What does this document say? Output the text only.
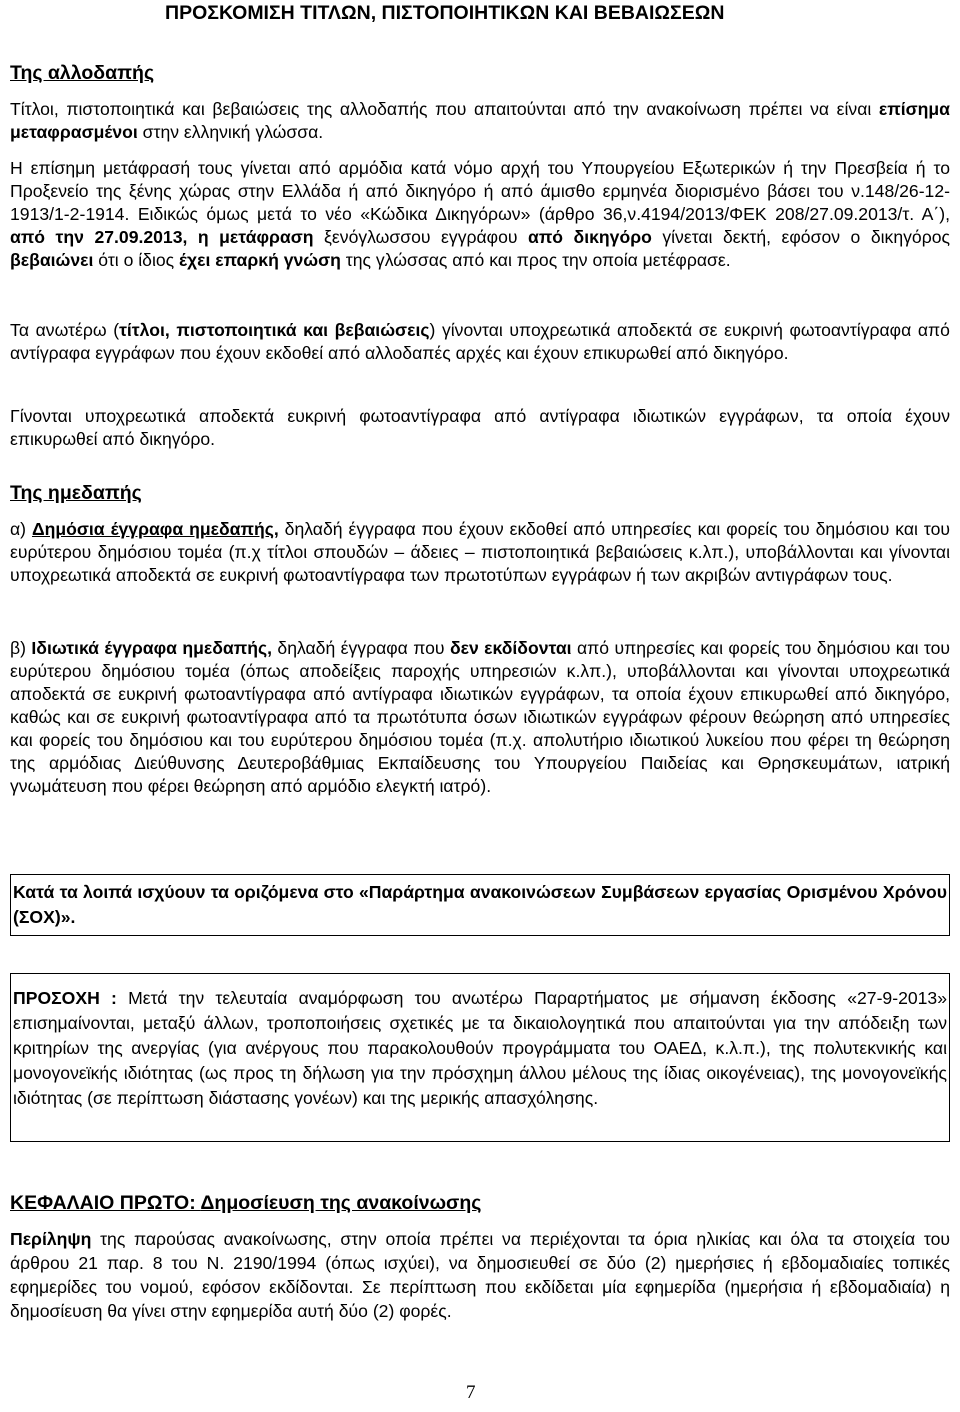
ΠΡΟΣΚΟΜΙΣΗ ΤΙΤΛΩΝ, ΠΙΣΤΟΠΟΙΗΤΙΚΩΝ ΚΑΙ ΒΕΒΑΙΩΣΕΩΝ
Της αλλοδαπής
Τίτλοι, πιστοποιητικά και βεβαιώσεις της αλλοδαπής που απαιτούνται από την ανακοίνωση πρέπει να είναι επίσημα μεταφρασμένοι στην ελληνική γλώσσα.
Η επίσημη μετάφρασή τους γίνεται από αρμόδια κατά νόμο αρχή του Υπουργείου Εξωτερικών ή την Πρεσβεία ή το Προξενείο της ξένης χώρας στην Ελλάδα ή από δικηγόρο ή από άμισθο ερμηνέα διορισμένο βάσει του ν.148/26-12-1913/1-2-1914. Ειδικώς όμως μετά το νέο «Κώδικα Δικηγόρων» (άρθρο 36,ν.4194/2013/ΦΕΚ 208/27.09.2013/τ. Α΄), από την 27.09.2013, η μετάφραση ξενόγλωσσου εγγράφου από δικηγόρο γίνεται δεκτή, εφόσον ο δικηγόρος βεβαιώνει ότι ο ίδιος έχει επαρκή γνώση της γλώσσας από και προς την οποία μετέφρασε.
Τα ανωτέρω (τίτλοι, πιστοποιητικά και βεβαιώσεις) γίνονται υποχρεωτικά αποδεκτά σε ευκρινή φωτοαντίγραφα από αντίγραφα εγγράφων που έχουν εκδοθεί από αλλοδαπές αρχές και έχουν επικυρωθεί από δικηγόρο.
Γίνονται υποχρεωτικά αποδεκτά ευκρινή φωτοαντίγραφα από αντίγραφα ιδιωτικών εγγράφων, τα οποία έχουν επικυρωθεί από δικηγόρο.
Της ημεδαπής
α) Δημόσια έγγραφα ημεδαπής, δηλαδή έγγραφα που έχουν εκδοθεί από υπηρεσίες και φορείς του δημόσιου και του ευρύτερου δημόσιου τομέα (π.χ τίτλοι σπουδών – άδειες – πιστοποιητικά βεβαιώσεις κ.λπ.), υποβάλλονται και γίνονται υποχρεωτικά αποδεκτά σε ευκρινή φωτοαντίγραφα των πρωτοτύπων εγγράφων ή των ακριβών αντιγράφων τους.
β) Ιδιωτικά έγγραφα ημεδαπής, δηλαδή έγγραφα που δεν εκδίδονται από υπηρεσίες και φορείς του δημόσιου και του ευρύτερου δημόσιου τομέα (όπως αποδείξεις παροχής υπηρεσιών κ.λπ.), υποβάλλονται και γίνονται υποχρεωτικά αποδεκτά σε ευκρινή φωτοαντίγραφα από αντίγραφα ιδιωτικών εγγράφων, τα οποία έχουν επικυρωθεί από δικηγόρο, καθώς και σε ευκρινή φωτοαντίγραφα από τα πρωτότυπα όσων ιδιωτικών εγγράφων φέρουν θεώρηση από υπηρεσίες και φορείς του δημόσιου και του ευρύτερου δημόσιου τομέα (π.χ. απολυτήριο ιδιωτικού λυκείου που φέρει τη θεώρηση της αρμόδιας Διεύθυνσης Δευτεροβάθμιας Εκπαίδευσης του Υπουργείου Παιδείας και Θρησκευμάτων, ιατρική γνωμάτευση που φέρει θεώρηση από αρμόδιο ελεγκτή ιατρό).
Κατά τα λοιπά ισχύουν τα οριζόμενα στο «Παράρτημα ανακοινώσεων Συμβάσεων εργασίας Ορισμένου Χρόνου (ΣΟΧ)».
ΠΡΟΣΟΧΗ : Μετά την τελευταία αναμόρφωση του ανωτέρω Παραρτήματος με σήμανση έκδοσης «27-9-2013» επισημαίνονται, μεταξύ άλλων, τροποποιήσεις σχετικές με τα δικαιολογητικά που απαιτούνται για την απόδειξη των κριτηρίων της ανεργίας (για ανέργους που παρακολουθούν προγράμματα του ΟΑΕΔ, κ.λ.π.), της πολυτεκνικής και μονογονεϊκής ιδιότητας (ως προς τη δήλωση για την πρόσχημη άλλου μέλους της ίδιας οικογένειας), της μονογονεϊκής ιδιότητας (σε περίπτωση διάστασης γονέων) και της μερικής απασχόλησης.
ΚΕΦΑΛΑΙΟ ΠΡΩΤΟ: Δημοσίευση της ανακοίνωσης
Περίληψη της παρούσας ανακοίνωσης, στην οποία πρέπει να περιέχονται τα όρια ηλικίας και όλα τα στοιχεία του άρθρου 21 παρ. 8 του Ν. 2190/1994 (όπως ισχύει), να δημοσιευθεί σε δύο (2) ημερήσιες ή εβδομαδιαίες τοπικές εφημερίδες του νομού, εφόσον εκδίδονται. Σε περίπτωση που εκδίδεται μία εφημερίδα (ημερήσια ή εβδομαδιαία) η δημοσίευση θα γίνει στην εφημερίδα αυτή δύο (2) φορές.
7
